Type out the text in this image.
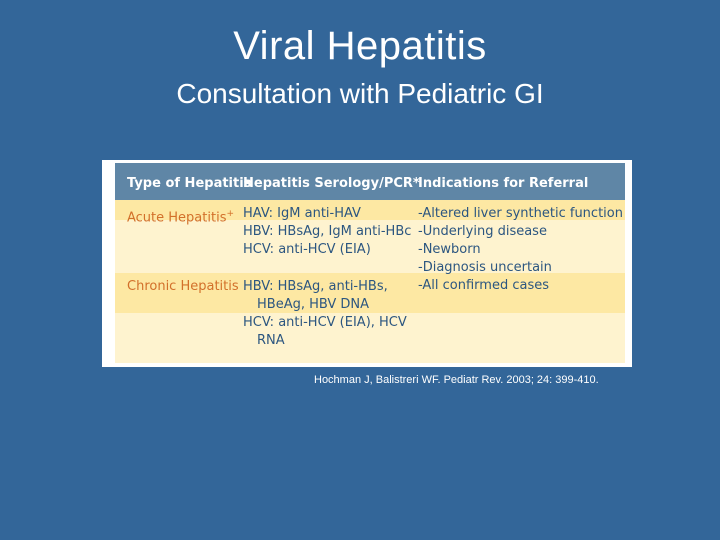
Viral Hepatitis
Consultation with Pediatric GI
Type of Hepatitis
Hepatitis Serology/PCR*
Indications for Referral
Acute Hepatitis+ HAV: IgM anti-HAV
HBV: HBsAg, IgM anti-HBc
HCV: anti-HCV (EIA)
Chronic Hepatitis HBV: HBsAg, anti-HBs,
HBeAg, HBV DNA
HCV: anti-HCV (EIA), HCV
RNA
-Altered liver synthetic function
-Underlying disease
-Newborn
-Diagnosis uncertain
-All confirmed cases
Hochman J, Balistreri WF. Pediatr Rev. 2003; 24: 399-410.
